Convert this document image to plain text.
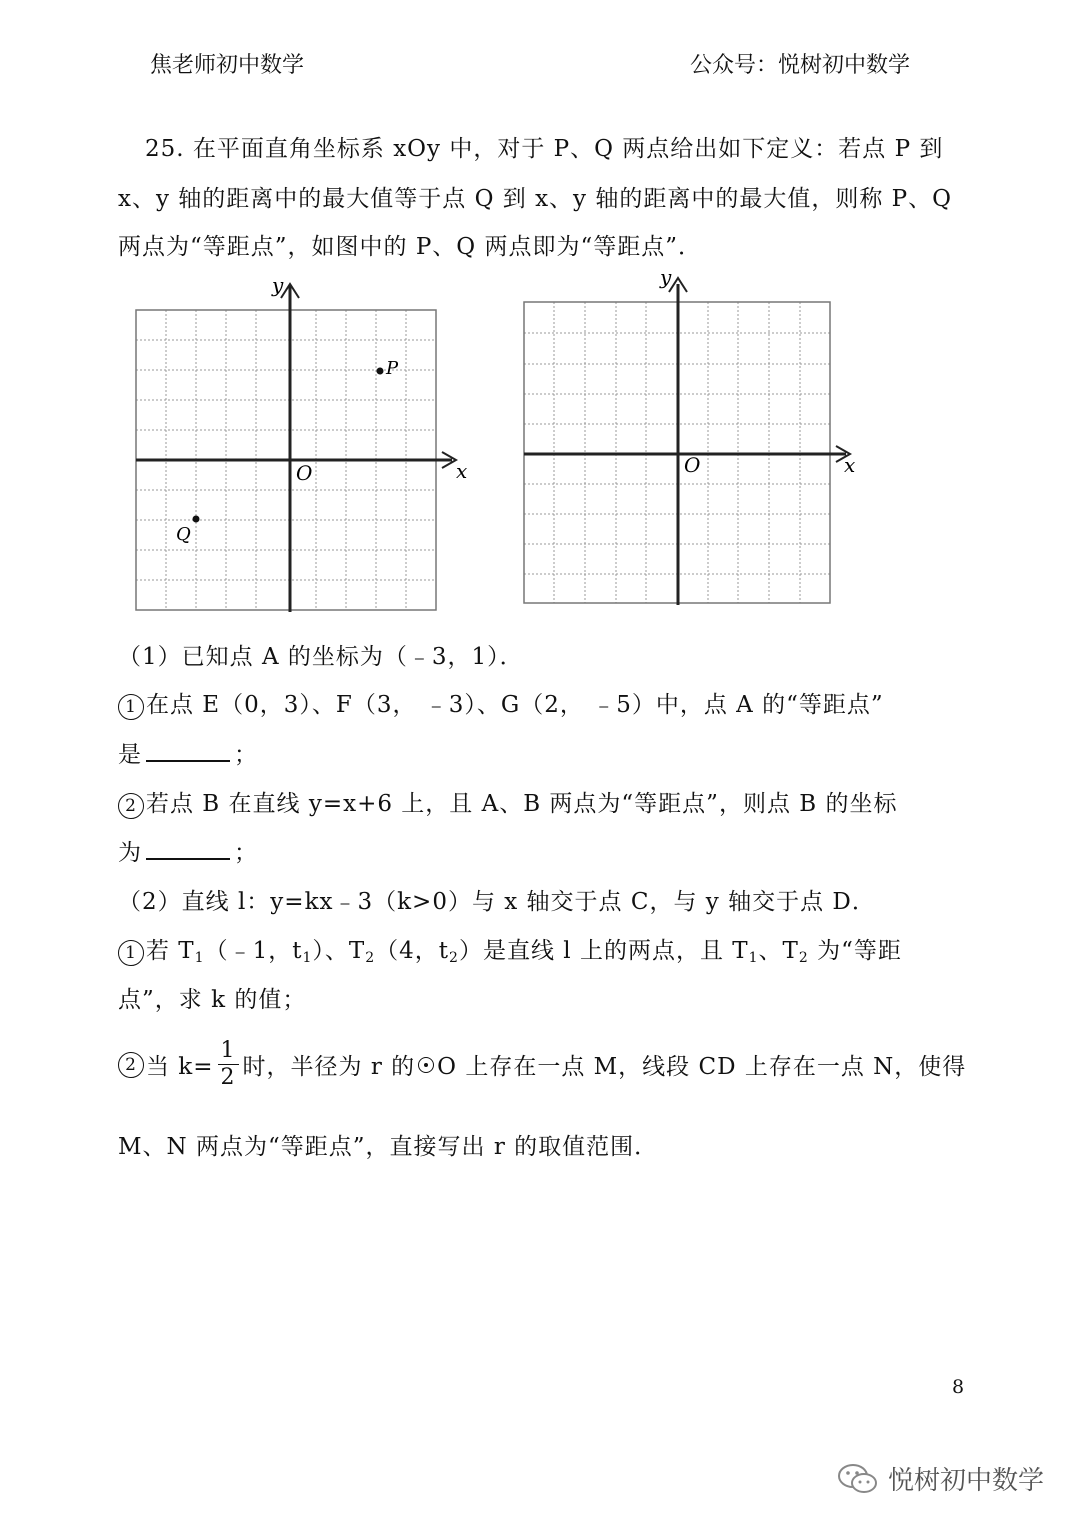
焦老师初中数学	公众号：悦树初中数学
25. 在平面直角坐标系 xOy 中，对于 P、Q 两点给出如下定义：若点 P 到
x、y 轴的距离中的最大值等于点 Q 到 x、y 轴的距离中的最大值，则称 P、Q
两点为“等距点”，如图中的 P、Q 两点即为“等距点”．
y
x
O
P
Q
y
x
O
（1）已知点 A 的坐标为（﹣3，1）．
1 在点 E（0，3）、F（3， ﹣3）、G（2， ﹣5）中，点 A 的“等距点”
是	；
2 若点 B 在直线 y=x+6 上，且 A、B 两点为“等距点”，则点 B 的坐标
为	；
（2）直线 l：y=kx﹣3（k>0）与 x 轴交于点 C，与 y 轴交于点 D．
1 若 $T_1(﹣1$，$t_1$）、$T_2(4$，$t_2$）是直线 l 上的两点，且 $T_1$、$T_2$ 为“等距
点”，求 k 的值；
2 当 $k= \frac{1}{2}$ 时，半径为 r 的 O 上存在一点 M，线段 CD 上存在一点 N，使得
M、N 两点为“等距点”，直接写出 r 的取值范围．
8
悦树初中数学
